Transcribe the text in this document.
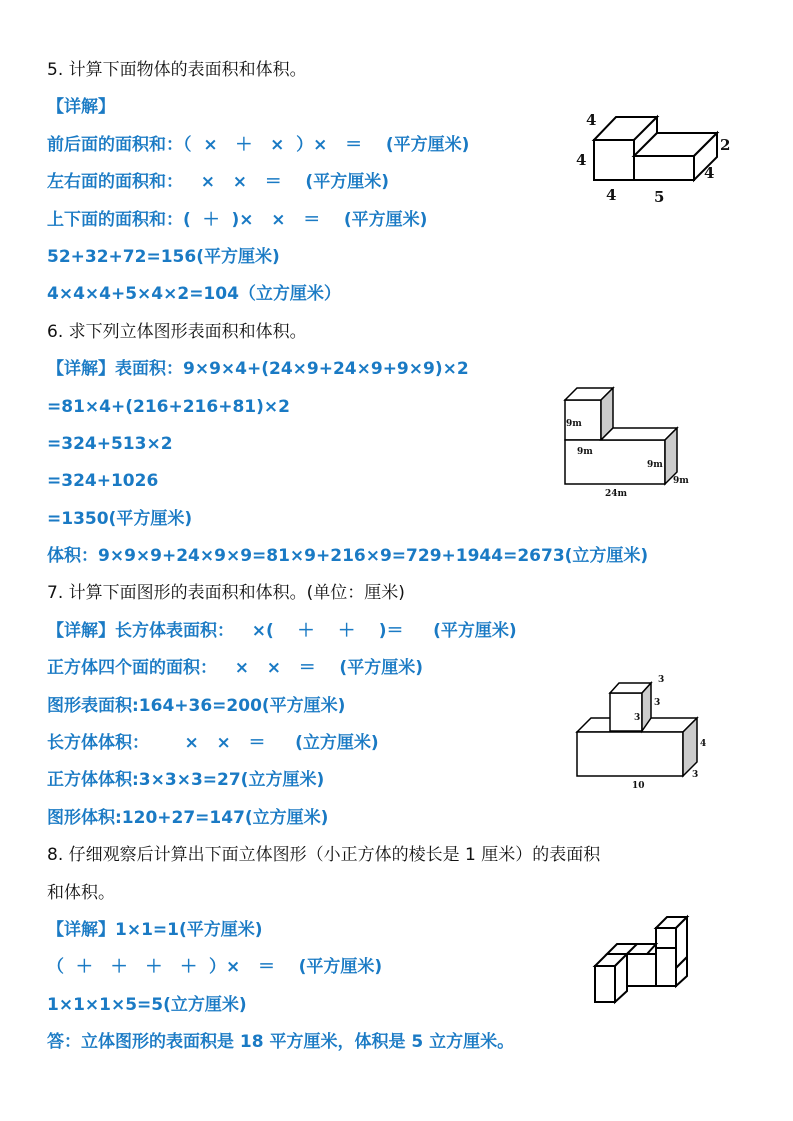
5. 计算下面物体的表面积和体积。
【详解】
前后面的面积和：（  ×   ＋   ×  ）×   ＝    (平方厘米)
左右面的面积和：   ×   ×   ＝    (平方厘米)
上下面的面积和：(  ＋  )×   ×   ＝    (平方厘米)
52+32+72=156(平方厘米)
4×4×4+5×4×2=104（立方厘米）
6. 求下列立体图形表面积和体积。
【详解】表面积：9×9×4+(24×9+24×9+9×9)×2
=81×4+(216+216+81)×2
=324+513×2
=324+1026
=1350(平方厘米)
体积：9×9×9+24×9×9=81×9+216×9=729+1944=2673(立方厘米)
7. 计算下面图形的表面积和体积。(单位：厘米)
【详解】长方体表面积：   ×(    ＋    ＋    )＝     (平方厘米)
正方体四个面的面积：   ×   ×   ＝    (平方厘米)
图形表面积:164+36=200(平方厘米)
长方体体积：      ×   ×   ＝     (立方厘米)
正方体体积:3×3×3=27(立方厘米)
图形体积:120+27=147(立方厘米)
8. 仔细观察后计算出下面立体图形（小正方体的棱长是 1 厘米）的表面积
和体积。
【详解】1×1=1(平方厘米)
（  ＋   ＋   ＋   ＋  ）×   ＝    (平方厘米)
1×1×1×5=5(立方厘米)
答：立体图形的表面积是 18 平方厘米，体积是 5 立方厘米。
4
4
2
4
4	5
9m
9m
9m
9m
24m
3
3
3
4
3
10
